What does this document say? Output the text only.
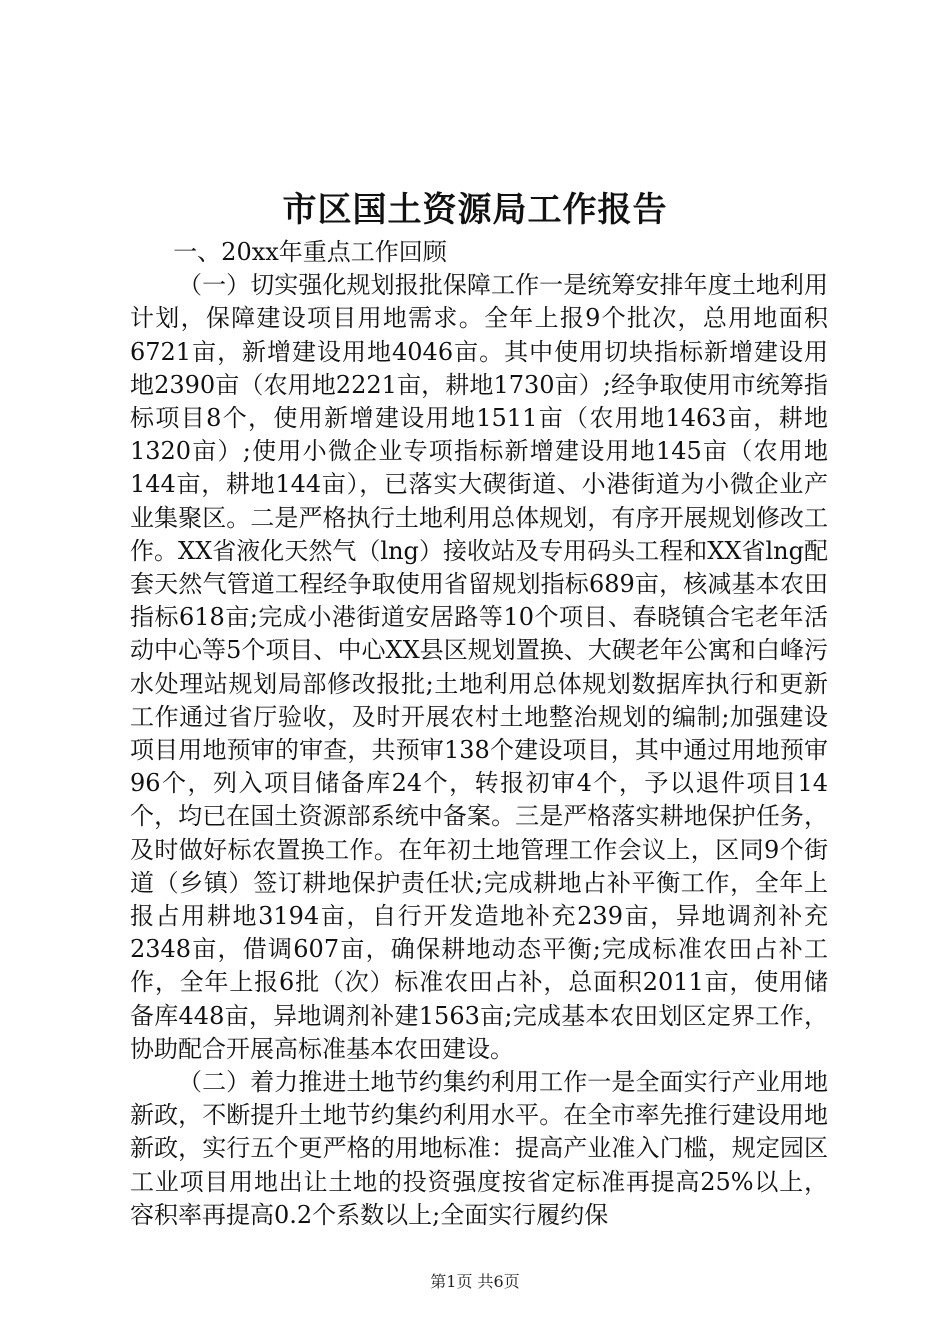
市区国土资源局工作报告

一、20xx年重点工作回顾

（一）切实强化规划报批保障工作一是统筹安排年度土地利用计划，保障建设项目用地需求。全年上报9个批次，总用地面积6721亩，新增建设用地4046亩。其中使用切块指标新增建设用地2390亩（农用地2221亩，耕地1730亩）;经争取使用市统筹指标项目8个，使用新增建设用地1511亩（农用地1463亩，耕地1320亩）;使用小微企业专项指标新增建设用地145亩（农用地144亩，耕地144亩），已落实大碶街道、小港街道为小微企业产业集聚区。二是严格执行土地利用总体规划，有序开展规划修改工作。XX省液化天然气（lng）接收站及专用码头工程和XX省lng配套天然气管道工程经争取使用省留规划指标689亩，核减基本农田指标618亩;完成小港街道安居路等10个项目、春晓镇合宅老年活动中心等5个项目、中心XX县区规划置换、大碶老年公寓和白峰污水处理站规划局部修改报批;土地利用总体规划数据库执行和更新工作通过省厅验收，及时开展农村土地整治规划的编制;加强建设项目用地预审的审查，共预审138个建设项目，其中通过用地预审96个，列入项目储备库24个，转报初审4个，予以退件项目14个，均已在国土资源部系统中备案。三是严格落实耕地保护任务，及时做好标农置换工作。在年初土地管理工作会议上，区同9个街道（乡镇）签订耕地保护责任状;完成耕地占补平衡工作，全年上报占用耕地3194亩，自行开发造地补充239亩，异地调剂补充2348亩，借调607亩，确保耕地动态平衡;完成标准农田占补工作，全年上报6批（次）标准农田占补，总面积2011亩，使用储备库448亩，异地调剂补建1563亩;完成基本农田划区定界工作，协助配合开展高标准基本农田建设。

（二）着力推进土地节约集约利用工作一是全面实行产业用地新政，不断提升土地节约集约利用水平。在全市率先推行建设用地新政，实行五个更严格的用地标准：提高产业准入门槛，规定园区工业项目用地出让土地的投资强度按省定标准再提高25%以上，容积率再提高0.2个系数以上;全面实行履约保

第1页 共6页
